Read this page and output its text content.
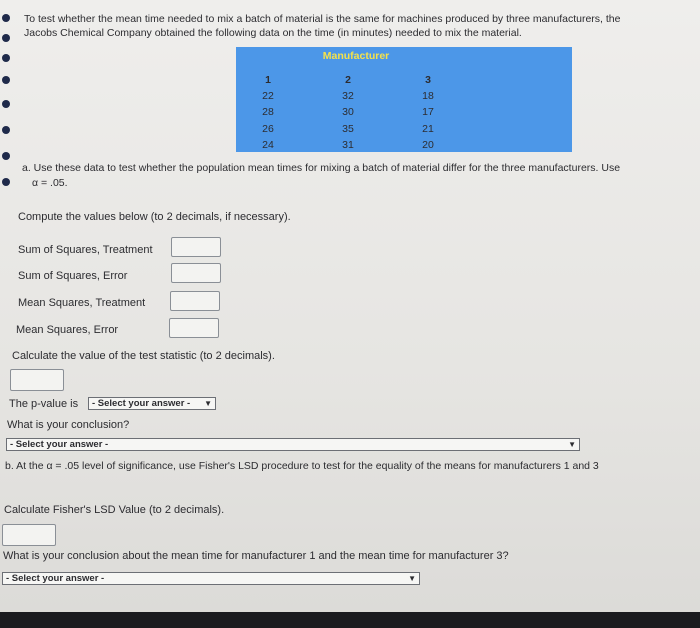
To test whether the mean time needed to mix a batch of material is the same for machines produced by three manufacturers, the
Jacobs Chemical Company obtained the following data on the time (in minutes) needed to mix the material.
Manufacturer
1	2	3
22	32	18
28	30	17
26	35	21
24	31	20
a. Use these data to test whether the population mean times for mixing a batch of material differ for the three manufacturers. Use
α = .05.
Compute the values below (to 2 decimals, if necessary).
Sum of Squares, Treatment
Sum of Squares, Error
Mean Squares, Treatment
Mean Squares, Error
Calculate the value of the test statistic (to 2 decimals).
The p-value is	- Select your answer - ▼
What is your conclusion?
- Select your answer -	▼
b. At the α = .05 level of significance, use Fisher's LSD procedure to test for the equality of the means for manufacturers 1 and 3
Calculate Fisher's LSD Value (to 2 decimals).
What is your conclusion about the mean time for manufacturer 1 and the mean time for manufacturer 3?
- Select your answer -	▼
